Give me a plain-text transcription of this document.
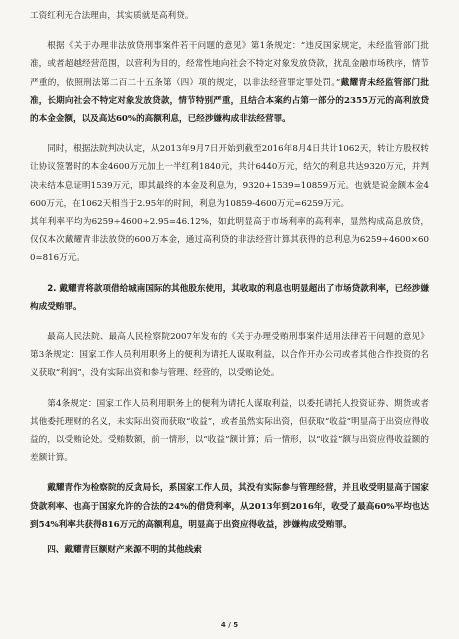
工资红利无合法理由，其实质就是高利贷。

根据《关于办理非法放贷刑事案件若干问题的意见》第1条规定：“违反国家规定，未经监管部门批准，或者超越经营范围，以营利为目的，经常性地向社会不特定对象发放贷款，扰乱金融市场秩序，情节严重的，依照刑法第二百二十五条第（四）项的规定，以非法经营罪定罪处罚。”戴耀青未经监管部门批准，长期向社会不特定对象发放贷款，情节特别严重，且结合本案约占第一部分的2355万元的高利放贷的本金金额，以及高达60%的高额利息，已经涉嫌构成非法经营罪。

同时，根据法院判决认定，从2013年9月7日开始到截至2016年8月4日共计1062天，转让方股权转让协议签署时的本金4600万元加上一半红利1840元，共计6440万元，结欠的利息共达9320万元，并判决未结本息证明1539万元，即其最终的本金及利息为，9320+1539=10859万元。也就是说金额本金4600万元，在1062天相当于2.95年的时间，利息为10859-4600万元=6259万元。

其年利率平均为6259÷4600÷2.95=46.12%，如此明显高于市场利率的高利率，显然构成高息放贷，仅仅本次戴耀青非法放贷的600万本金，通过高利贷的非法经营计算其获得的总利息为6259÷4600×600=816万元。

2. 戴耀青将款项借给城南国际的其他股东使用，其收取的利息也明显超出了市场贷款利率，已经涉嫌构成受贿罪。

最高人民法院、最高人民检察院2007年发布的《关于办理受贿刑事案件适用法律若干问题的意见》第3条规定：国家工作人员利用职务上的便利为请托人谋取利益，以合作开办公司或者其他合作投资的名义获取“利润”，没有实际出资和参与管理、经营的，以受贿论处。

第4条规定：国家工作人员利用职务上的便利为请托人谋取利益，以委托请托人投资证券、期货或者其他委托理财的名义，未实际出资而获取“收益”，或者虽然实际出资，但获取“收益”明显高于出资应得收益的，以受贿论处。受贿数额，前一情形，以“收益”额计算；后一情形，以“收益”额与出资应得收益额的差额计算。

戴耀青作为检察院的反贪局长，系国家工作人员，其没有实际参与管理经营，并且收受明显高于国家贷款利率、也高于国家允许的合法的24%的借贷利率，从2013年到2016年，收受了最高60%平均也达到54%利率共获得816万元的高额利息，明显高于出资应得收益，涉嫌构成受贿罪。

四、戴耀青巨额财产来源不明的其他线索

4 / 5
